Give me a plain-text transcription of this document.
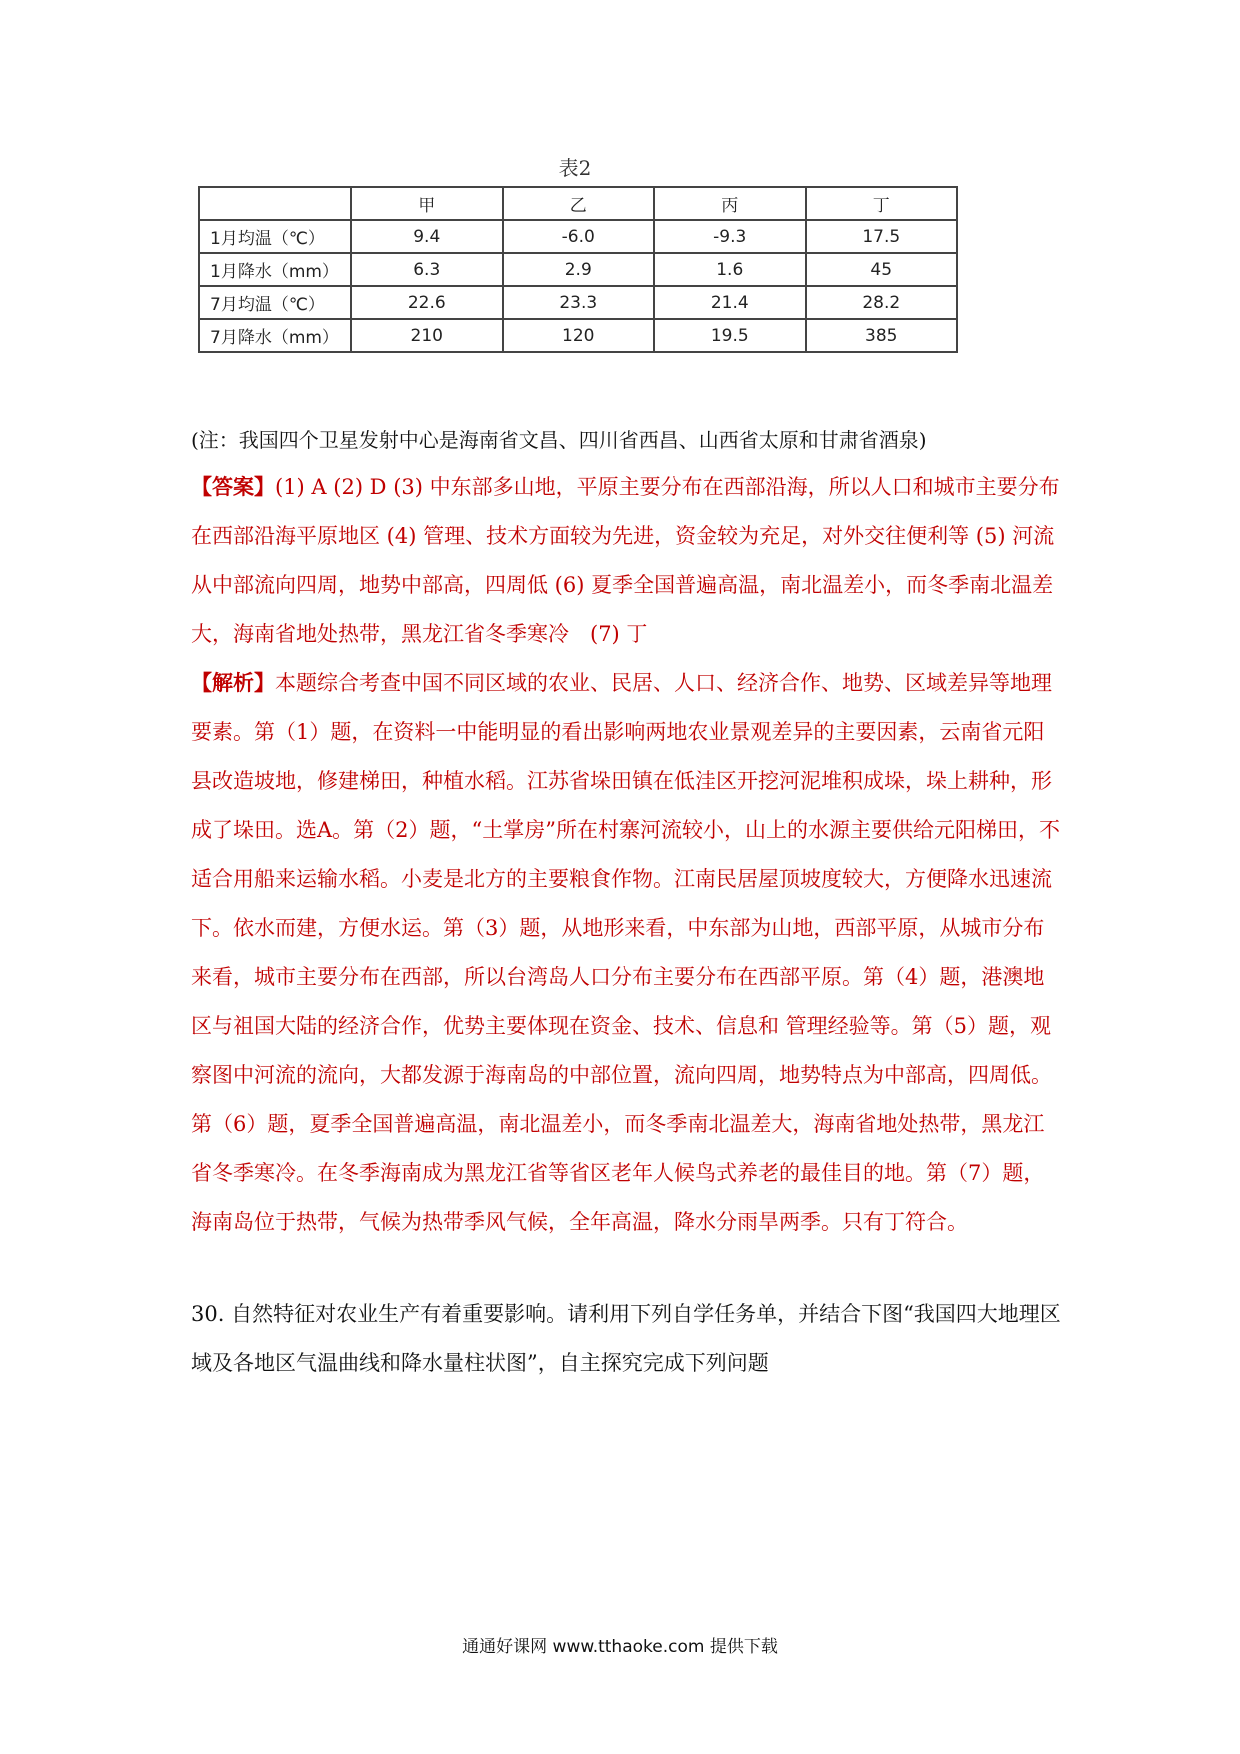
表2
	甲	乙	丙	丁
1月均温（℃）	9.4	-6.0	-9.3	17.5
1月降水（mm）	6.3	2.9	1.6	45
7月均温（℃）	22.6	23.3	21.4	28.2
7月降水（mm）	210	120	19.5	385
(注：我国四个卫星发射中心是海南省文昌、四川省西昌、山西省太原和甘肃省酒泉)
【答案】(1) A (2) D (3) 中东部多山地，平原主要分布在西部沿海，所以人口和城市主要分布在西部沿海平原地区 (4) 管理、技术方面较为先进，资金较为充足，对外交往便利等 (5) 河流从中部流向四周，地势中部高，四周低 (6) 夏季全国普遍高温，南北温差小，而冬季南北温差大，海南省地处热带，黑龙江省冬季寒冷　(7) 丁
【解析】本题综合考查中国不同区域的农业、民居、人口、经济合作、地势、区域差异等地理要素。第（1）题，在资料一中能明显的看出影响两地农业景观差异的主要因素，云南省元阳县改造坡地，修建梯田，种植水稻。江苏省垛田镇在低洼区开挖河泥堆积成垛，垛上耕种，形成了垛田。选A。第（2）题，“土掌房”所在村寨河流较小，山上的水源主要供给元阳梯田，不适合用船来运输水稻。小麦是北方的主要粮食作物。江南民居屋顶坡度较大，方便降水迅速流下。依水而建，方便水运。第（3）题，从地形来看，中东部为山地，西部平原，从城市分布来看，城市主要分布在西部，所以台湾岛人口分布主要分布在西部平原。第（4）题，港澳地区与祖国大陆的经济合作，优势主要体现在资金、技术、信息和 管理经验等。第（5）题，观察图中河流的流向，大都发源于海南岛的中部位置，流向四周，地势特点为中部高，四周低。第（6）题，夏季全国普遍高温，南北温差小，而冬季南北温差大，海南省地处热带，黑龙江省冬季寒冷。在冬季海南成为黑龙江省等省区老年人候鸟式养老的最佳目的地。第（7）题，海南岛位于热带，气候为热带季风气候，全年高温，降水分雨旱两季。只有丁符合。
30. 自然特征对农业生产有着重要影响。请利用下列自学任务单，并结合下图“我国四大地理区域及各地区气温曲线和降水量柱状图”，自主探究完成下列问题
通通好课网 www.tthaoke.com 提供下载
